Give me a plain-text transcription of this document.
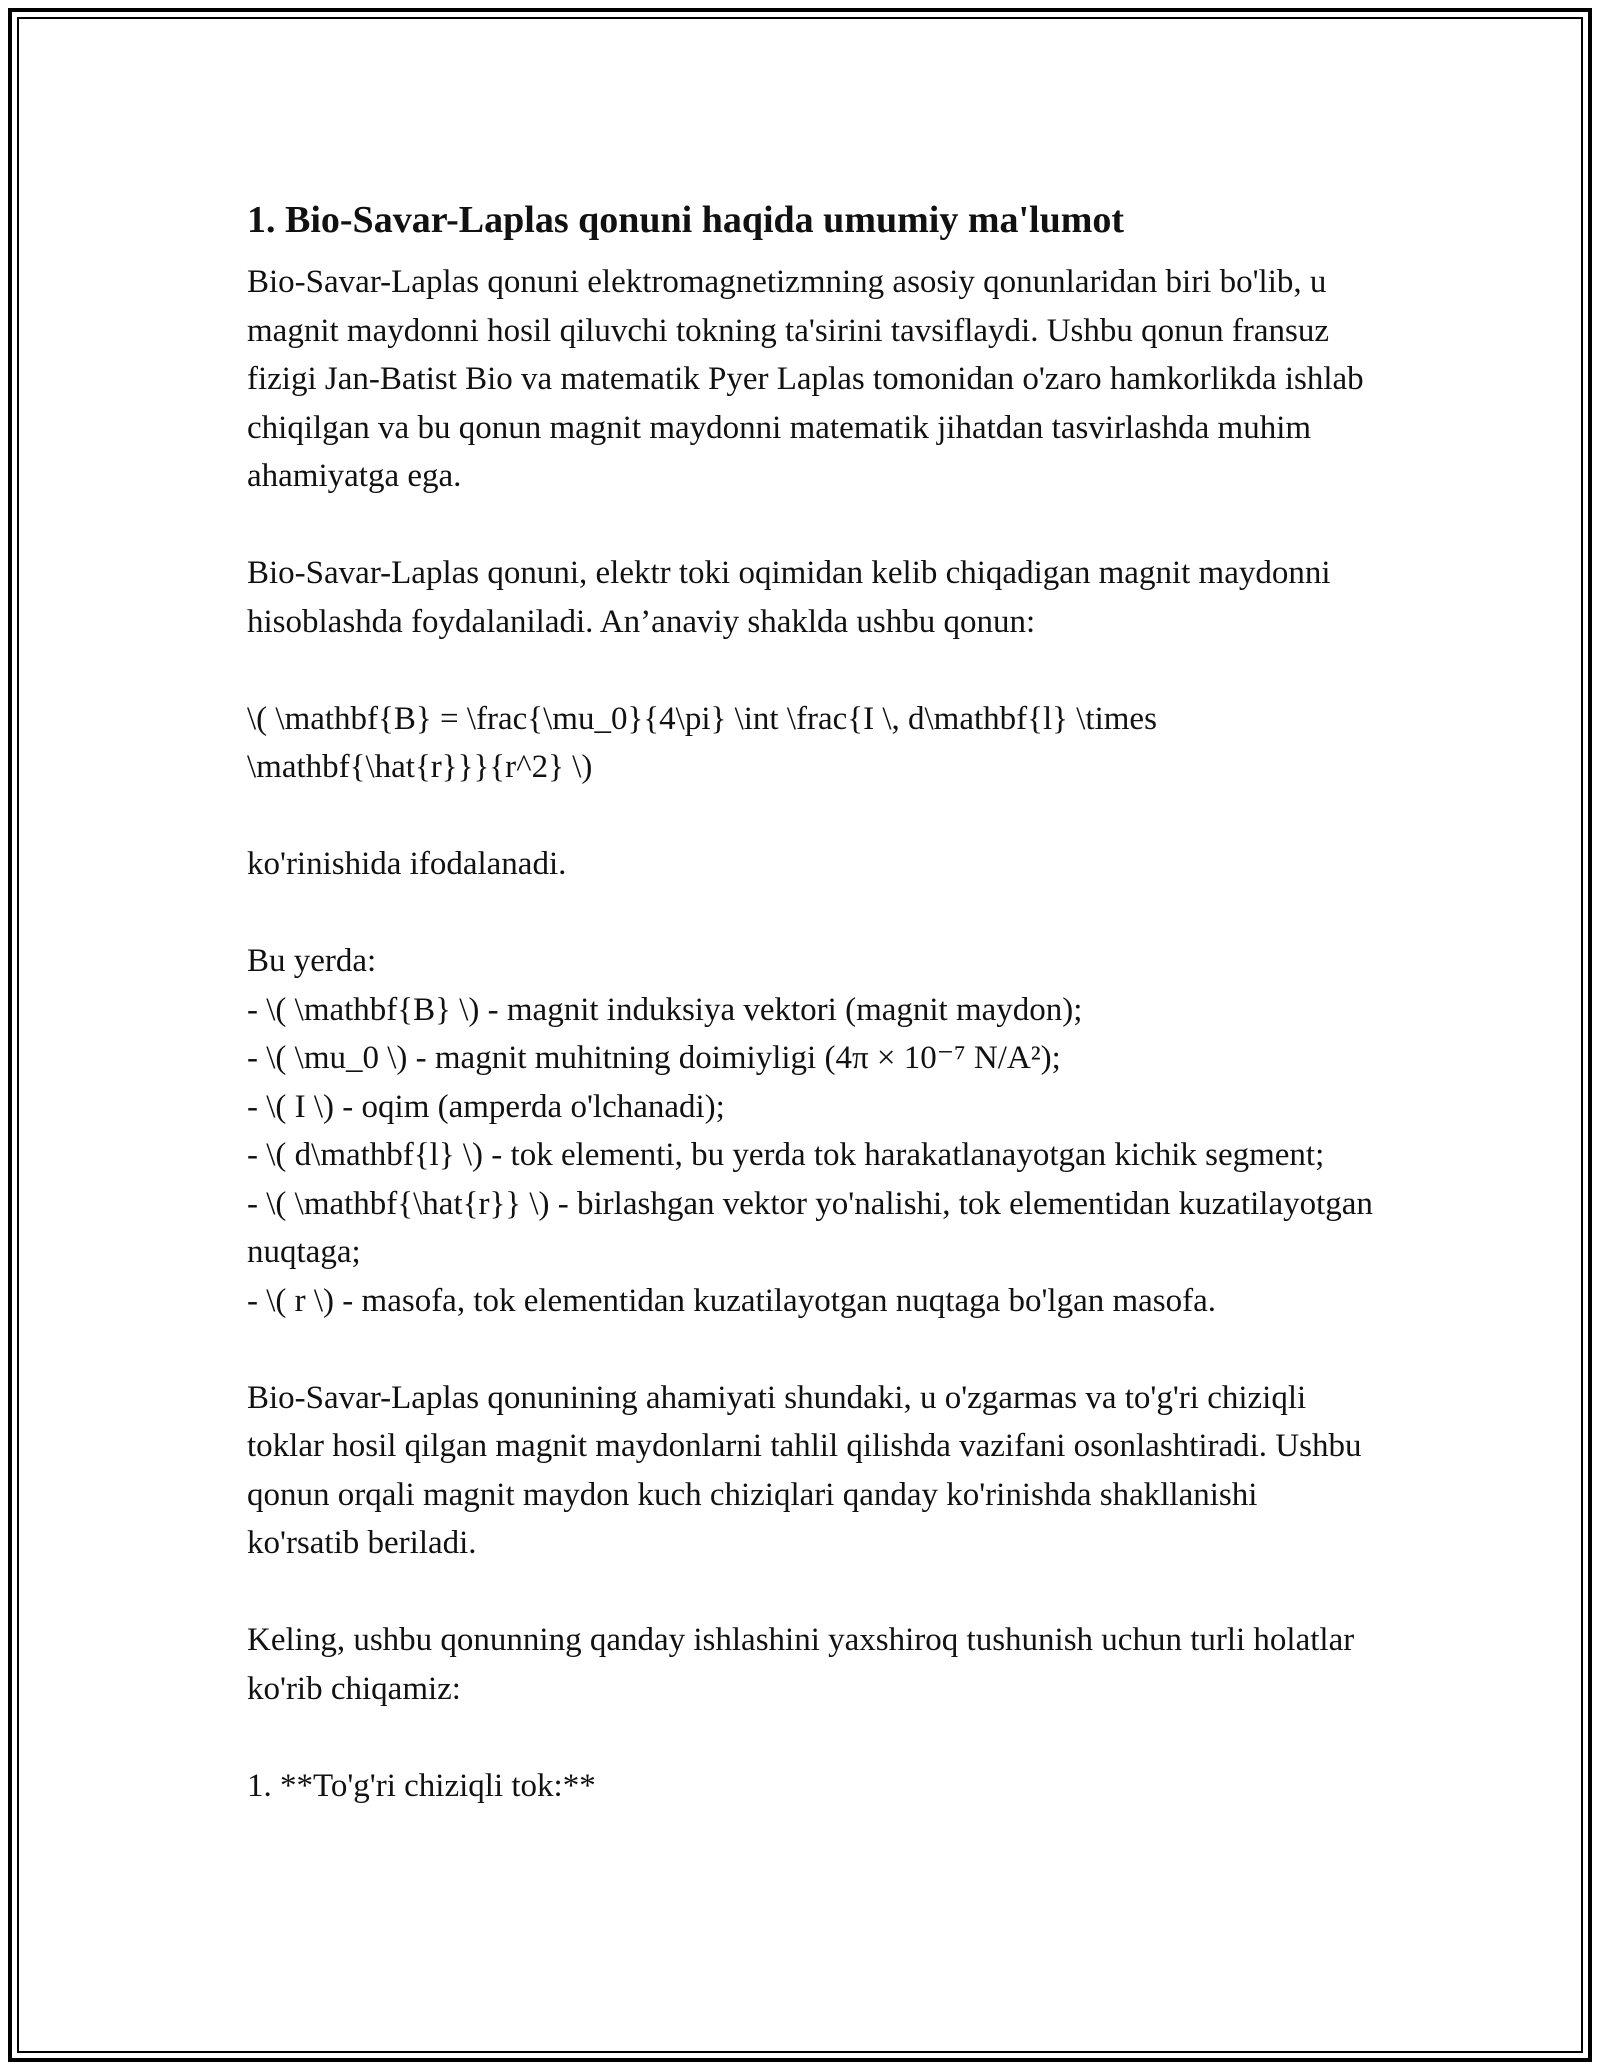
1. Bio-Savar-Laplas qonuni haqida umumiy ma'lumot

Bio-Savar-Laplas qonuni elektromagnetizmning asosiy qonunlaridan biri bo'lib, u magnit maydonni hosil qiluvchi tokning ta'sirini tavsiflaydi. Ushbu qonun fransuz fizigi Jan-Batist Bio va matematik Pyer Laplas tomonidan o'zaro hamkorlikda ishlab chiqilgan va bu qonun magnit maydonni matematik jihatdan tasvirlashda muhim ahamiyatga ega.

Bio-Savar-Laplas qonuni, elektr toki oqimidan kelib chiqadigan magnit maydonni hisoblashda foydalaniladi. An’anaviy shaklda ushbu qonun:

\( \mathbf{B} = \frac{\mu_0}{4\pi} \int \frac{I \, d\mathbf{l} \times \mathbf{\hat{r}}}{r^2} \)

ko'rinishida ifodalanadi.

Bu yerda:
- \( \mathbf{B} \) - magnit induksiya vektori (magnit maydon);
- \( \mu_0 \) - magnit muhitning doimiyligi (4π × 10⁻⁷ N/A²);
- \( I \) - oqim (amperda o'lchanadi);
- \( d\mathbf{l} \) - tok elementi, bu yerda tok harakatlanayotgan kichik segment;
- \( \mathbf{\hat{r}} \) - birlashgan vektor yo'nalishi, tok elementidan kuzatilayotgan nuqtaga;
- \( r \) - masofa, tok elementidan kuzatilayotgan nuqtaga bo'lgan masofa.

Bio-Savar-Laplas qonunining ahamiyati shundaki, u o'zgarmas va to'g'ri chiziqli toklar hosil qilgan magnit maydonlarni tahlil qilishda vazifani osonlashtiradi. Ushbu qonun orqali magnit maydon kuch chiziqlari qanday ko'rinishda shakllanishi ko'rsatib beriladi.

Keling, ushbu qonunning qanday ishlashini yaxshiroq tushunish uchun turli holatlar ko'rib chiqamiz:

1. **To'g'ri chiziqli tok:**
